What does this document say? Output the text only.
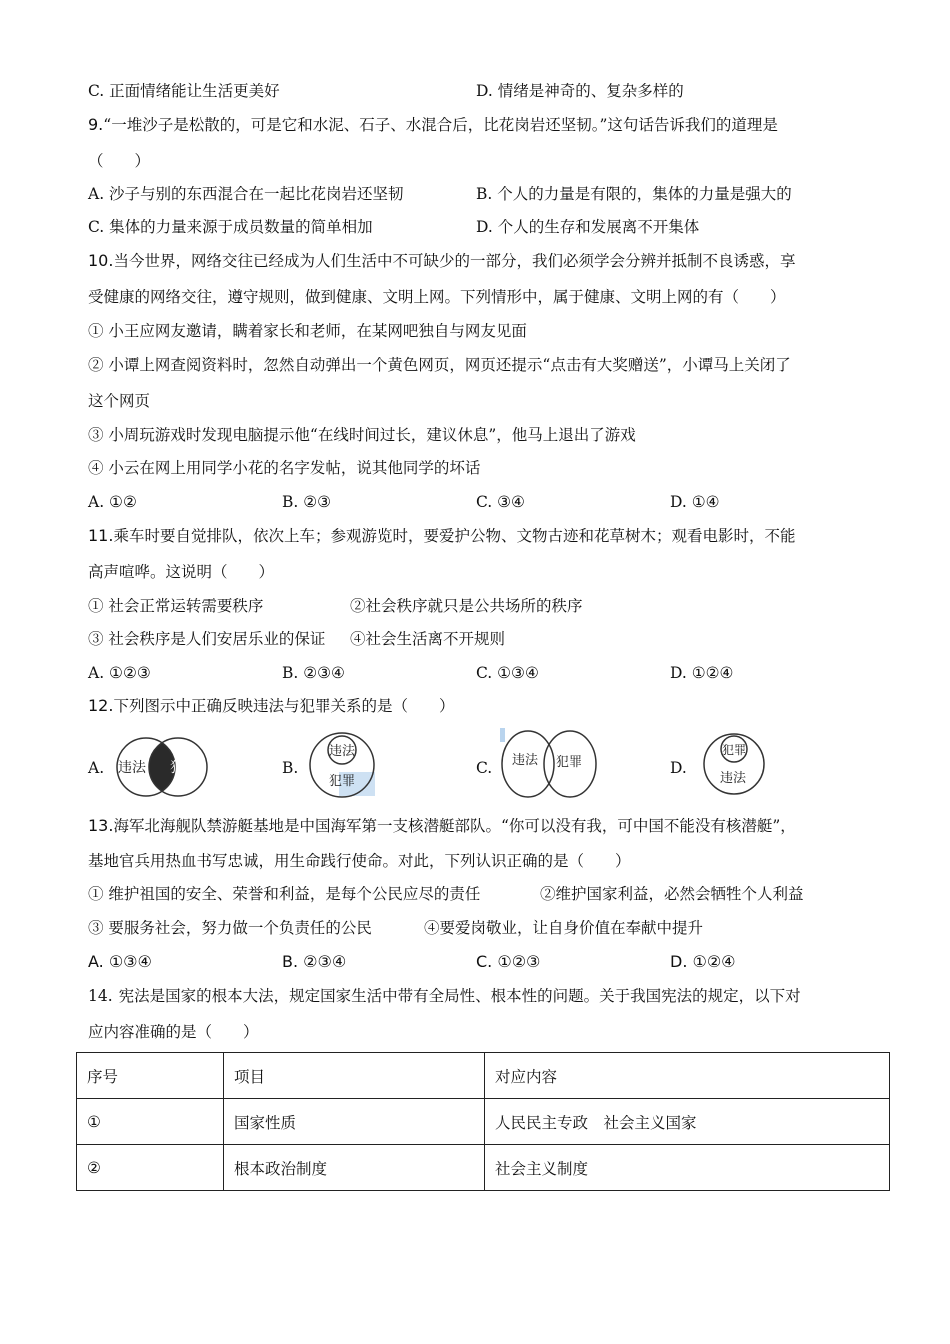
C. 正面情绪能让生活更美好	D. 情绪是神奇的、复杂多样的
9.“一堆沙子是松散的，可是它和水泥、石子、水混合后，比花岗岩还坚韧。”这句话告诉我们的道理是
（　　）
A. 沙子与别的东西混合在一起比花岗岩还坚韧	B. 个人的力量是有限的，集体的力量是强大的
C. 集体的力量来源于成员数量的简单相加	D. 个人的生存和发展离不开集体
10.当今世界，网络交往已经成为人们生活中不可缺少的一部分，我们必须学会分辨并抵制不良诱惑，享
受健康的网络交往，遵守规则，做到健康、文明上网。下列情形中，属于健康、文明上网的有（　　）
① 小王应网友邀请，瞒着家长和老师，在某网吧独自与网友见面
② 小谭上网查阅资料时，忽然自动弹出一个黄色网页，网页还提示“点击有大奖赠送”，小谭马上关闭了
这个网页
③ 小周玩游戏时发现电脑提示他“在线时间过长，建议休息”，他马上退出了游戏
④ 小云在网上用同学小花的名字发帖，说其他同学的坏话
A. ①②	B. ②③	C. ③④	D. ①④
11.乘车时要自觉排队，依次上车；参观游览时，要爱护公物、文物古迹和花草树木；观看电影时，不能
高声喧哗。这说明（　　）
① 社会正常运转需要秩序	②社会秩序就只是公共场所的秩序
③ 社会秩序是人们安居乐业的保证 ④社会生活离不开规则
A. ①②③	B. ②③④	C. ①③④	D. ①②④
12.下列图示中正确反映违法与犯罪关系的是（　　）
A. 违法 犯罪	B.
违法
犯罪
C. 违法 犯罪	D.
犯罪
违法
13.海军北海舰队禁游艇基地是中国海军第一支核潜艇部队。“你可以没有我，可中国不能没有核潜艇”，
基地官兵用热血书写忠诚，用生命践行使命。对此，下列认识正确的是（　　）
① 维护祖国的安全、荣誉和利益，是每个公民应尽的责任	②维护国家利益，必然会牺牲个人利益
③ 要服务社会，努力做一个负责任的公民	④要爱岗敬业，让自身价值在奉献中提升
A. ①③④	B. ②③④	C. ①②③	D. ①②④
14. 宪法是国家的根本大法，规定国家生活中带有全局性、根本性的问题。关于我国宪法的规定，以下对
应内容准确的是（　　）
序号	项目	对应内容
①	国家性质	人民民主专政　社会主义国家
②	根本政治制度	社会主义制度
